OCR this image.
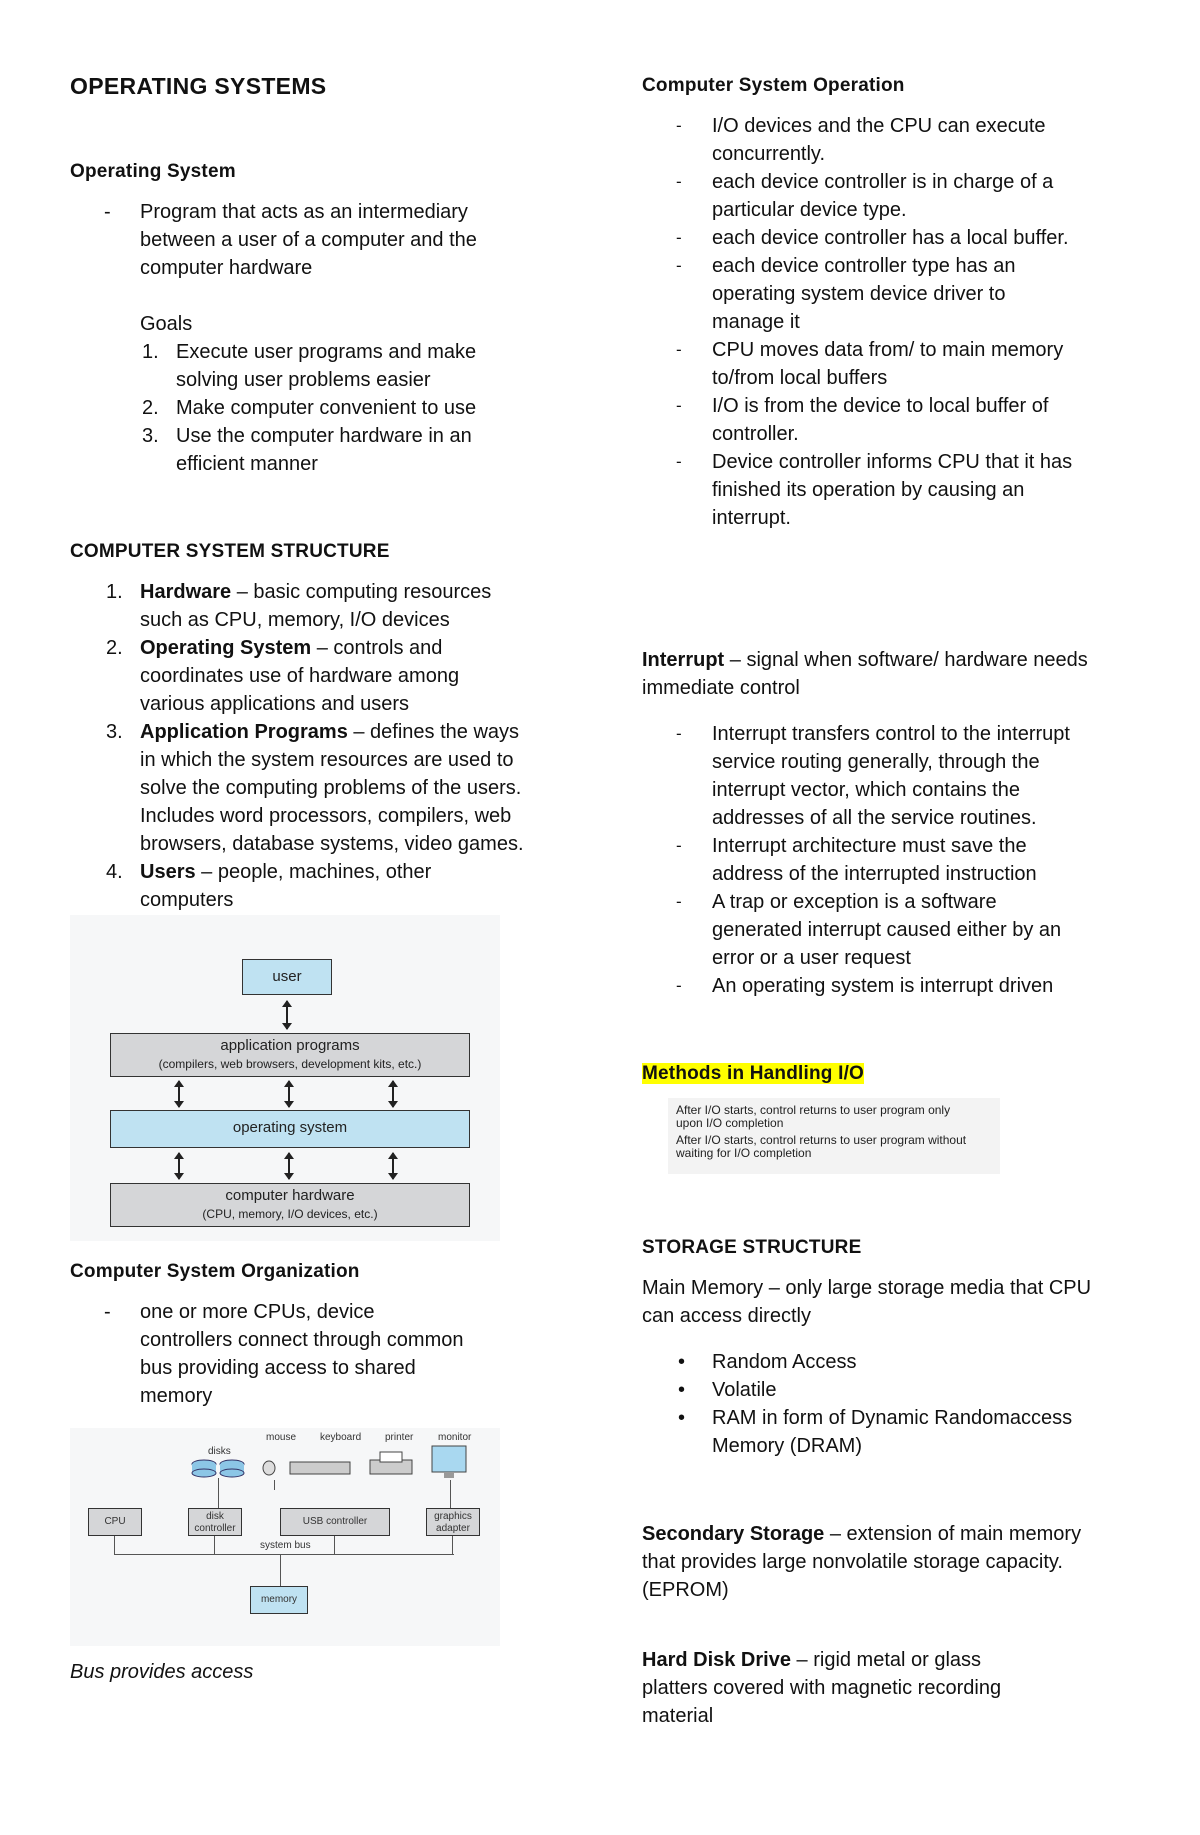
OPERATING SYSTEMS
Operating System
- Program that acts as an intermediary
between a user of a computer and the
computer hardware
Goals
1. Execute user programs and make
solving user problems easier
2. Make computer convenient to use
3. Use the computer hardware in an
efficient manner
COMPUTER SYSTEM STRUCTURE
1. Hardware – basic computing resources
such as CPU, memory, I/O devices
2. Operating System – controls and
coordinates use of hardware among
various applications and users
3. Application Programs – defines the ways
in which the system resources are used to
solve the computing problems of the users.
Includes word processors, compilers, web
browsers, database systems, video games.
4. Users – people, machines, other
computers
user
application programs
(compilers, web browsers, development kits, etc.)
operating system
computer hardware
(CPU, memory, I/O devices, etc.)
Computer System Organization
- one or more CPUs, device
controllers connect through common
bus providing access to shared
memory
mouse keyboard printer monitor
disks
CPU	disk
controller
USB controller	graphics
adapter
system bus
memory
Bus provides access
Computer System Operation
- I/O devices and the CPU can execute
concurrently.
- each device controller is in charge of a
particular device type.
- each device controller has a local buffer.
- each device controller type has an
operating system device driver to
manage it
- CPU moves data from/ to main memory
to/from local buffers
- I/O is from the device to local buffer of
controller.
- Device controller informs CPU that it has
finished its operation by causing an
interrupt.
Interrupt – signal when software/ hardware needs
immediate control
- Interrupt transfers control to the interrupt
service routing generally, through the
interrupt vector, which contains the
addresses of all the service routines.
- Interrupt architecture must save the
address of the interrupted instruction
- A trap or exception is a software
generated interrupt caused either by an
error or a user request
- An operating system is interrupt driven
Methods in Handling I/O
After I/O starts, control returns to user program only
upon I/O completion
After I/O starts, control returns to user program without
waiting for I/O completion
STORAGE STRUCTURE
Main Memory – only large storage media that CPU
can access directly
• Random Access
• Volatile
• RAM in form of Dynamic Randomaccess
Memory (DRAM)
Secondary Storage – extension of main memory
that provides large nonvolatile storage capacity.
(EPROM)
Hard Disk Drive – rigid metal or glass
platters covered with magnetic recording
material
